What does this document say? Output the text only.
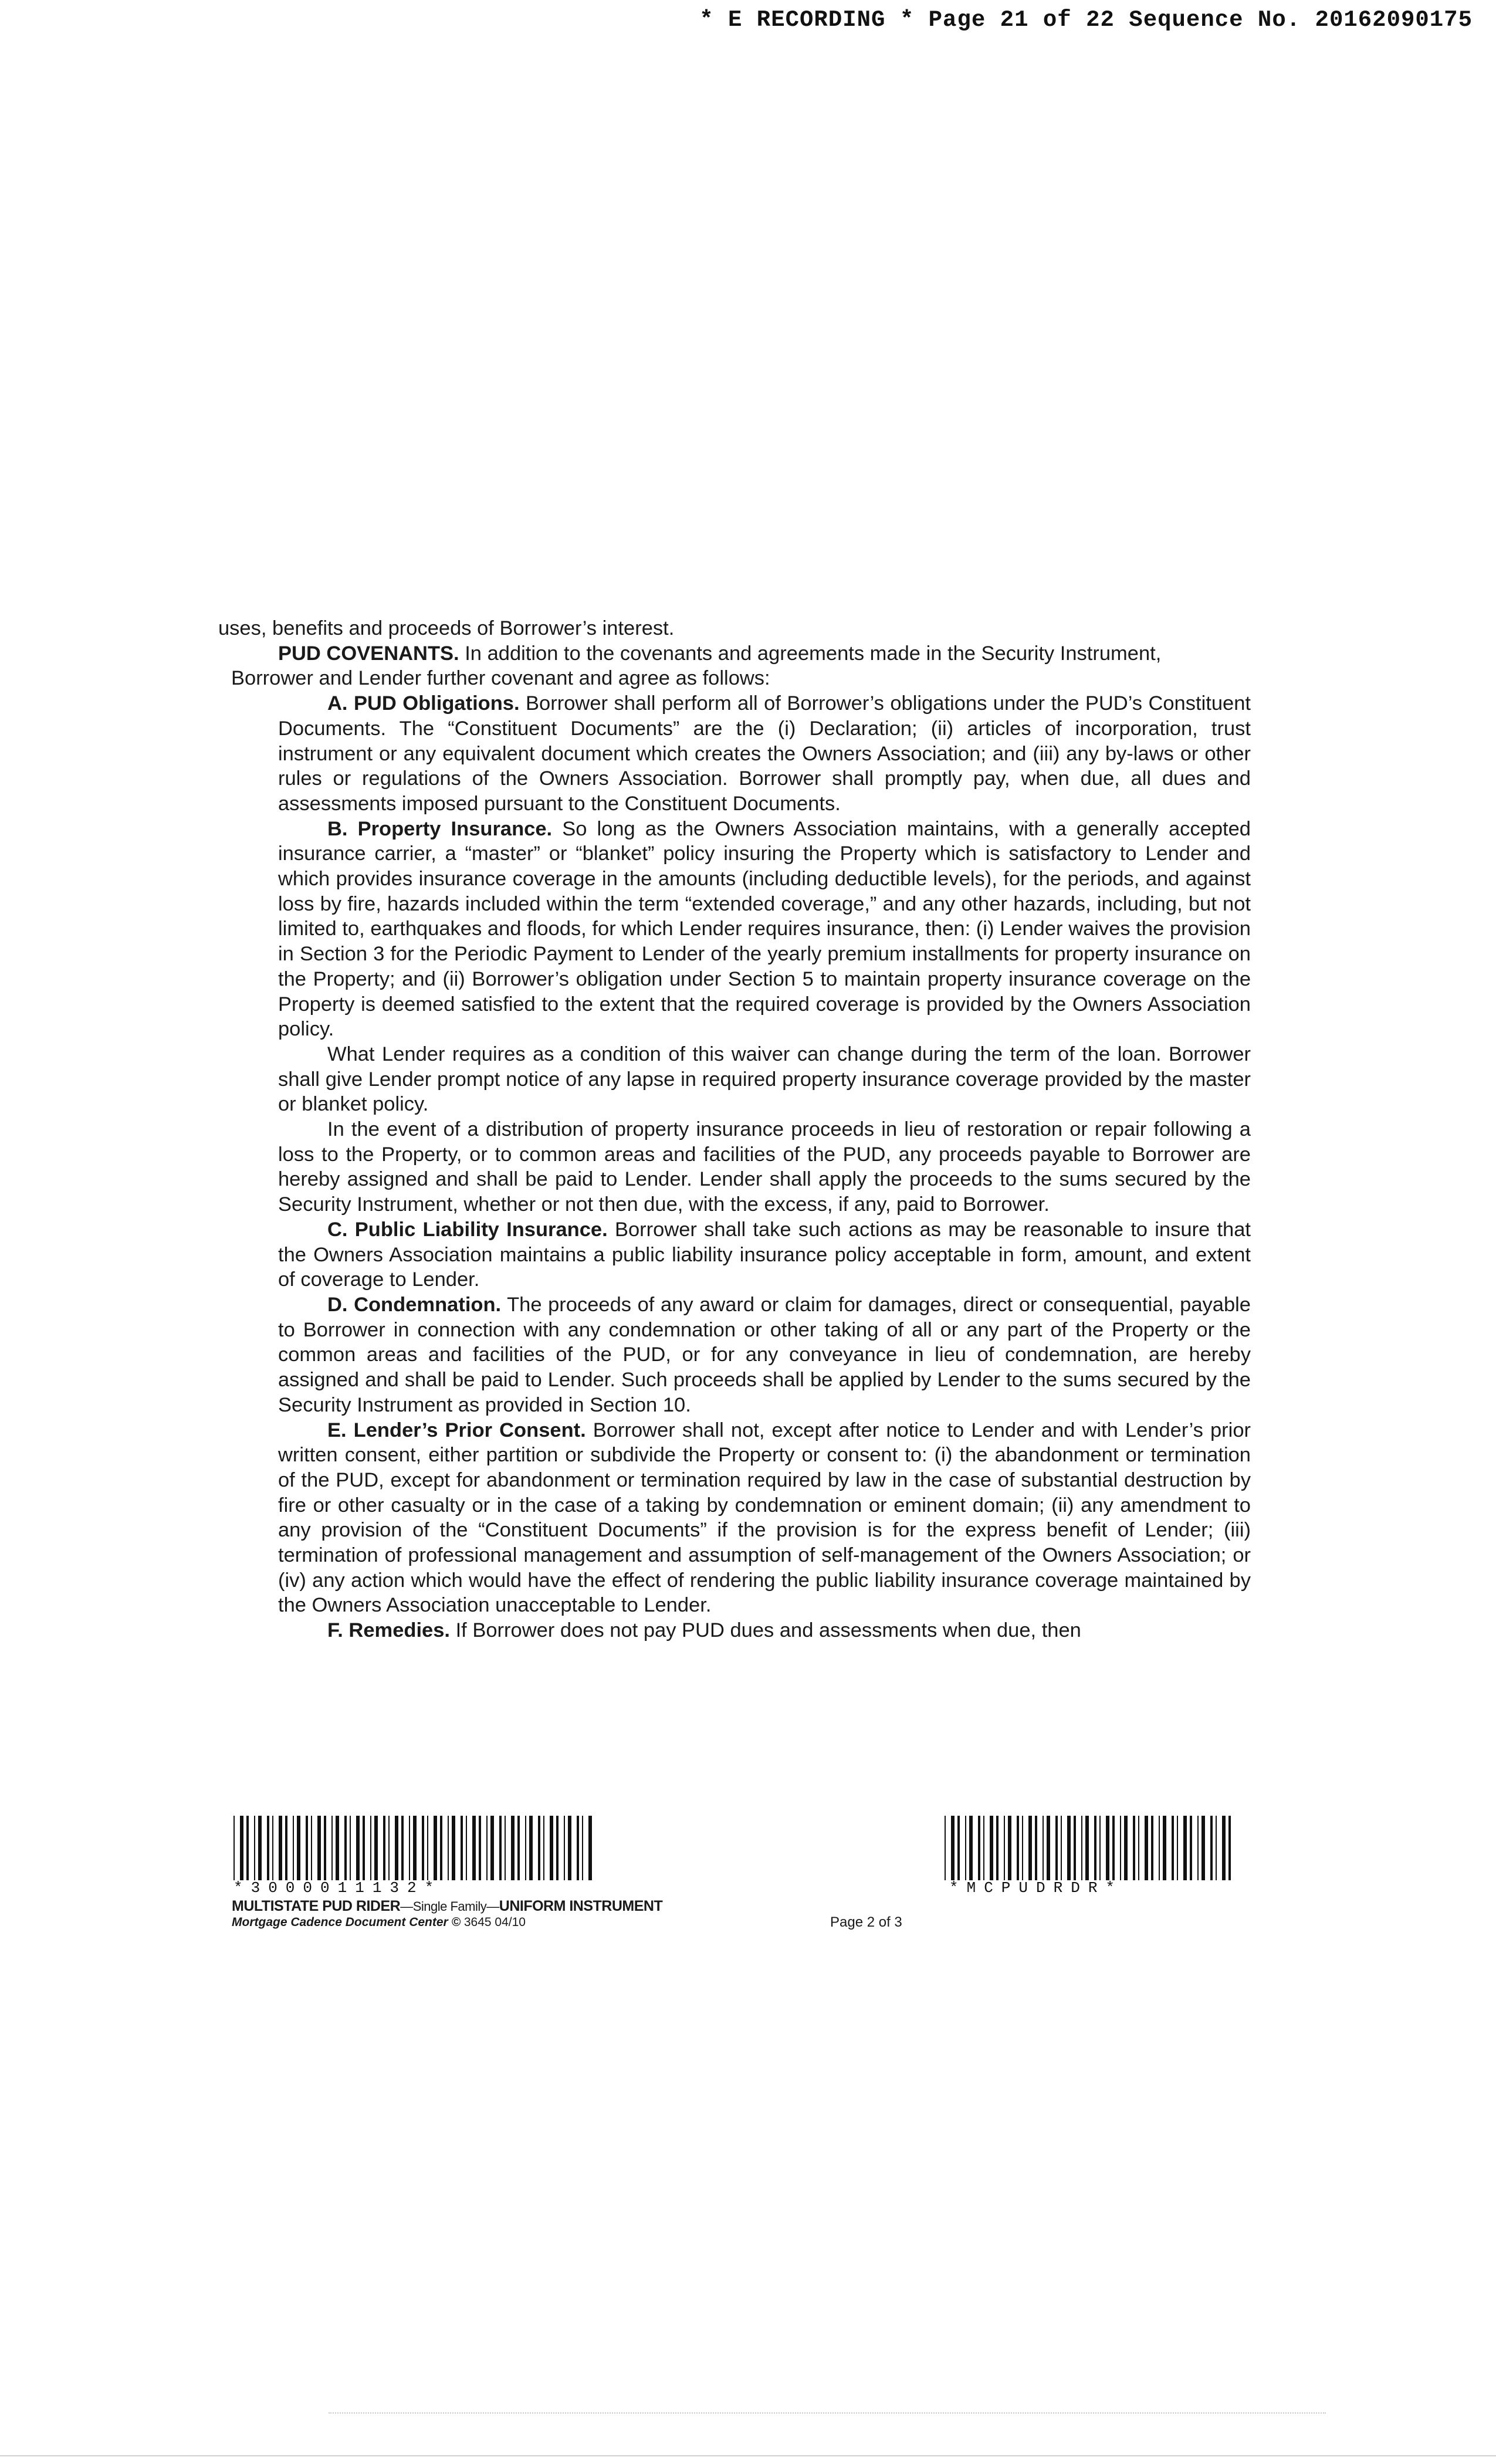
* E RECORDING * Page 21 of 22 Sequence No. 20162090175

uses, benefits and proceeds of Borrower’s interest.

PUD COVENANTS. In addition to the covenants and agreements made in the Security Instrument,

Borrower and Lender further covenant and agree as follows:

A. PUD Obligations. Borrower shall perform all of Borrower’s obligations under the PUD’s Constituent Documents. The “Constituent Documents” are the (i) Declaration; (ii) articles of incorporation, trust instrument or any equivalent document which creates the Owners Association; and (iii) any by-laws or other rules or regulations of the Owners Association. Borrower shall promptly pay, when due, all dues and assessments imposed pursuant to the Constituent Documents.

B. Property Insurance. So long as the Owners Association maintains, with a generally accepted insurance carrier, a “master” or “blanket” policy insuring the Property which is satisfactory to Lender and which provides insurance coverage in the amounts (including deductible levels), for the periods, and against loss by fire, hazards included within the term “extended coverage,” and any other hazards, including, but not limited to, earthquakes and floods, for which Lender requires insurance, then: (i) Lender waives the provision in Section 3 for the Periodic Payment to Lender of the yearly premium installments for property insurance on the Property; and (ii) Borrower’s obligation under Section 5 to maintain property insurance coverage on the Property is deemed satisfied to the extent that the required coverage is provided by the Owners Association policy.

What Lender requires as a condition of this waiver can change during the term of the loan. Borrower shall give Lender prompt notice of any lapse in required property insurance coverage provided by the master or blanket policy.

In the event of a distribution of property insurance proceeds in lieu of restoration or repair following a loss to the Property, or to common areas and facilities of the PUD, any proceeds payable to Borrower are hereby assigned and shall be paid to Lender. Lender shall apply the proceeds to the sums secured by the Security Instrument, whether or not then due, with the excess, if any, paid to Borrower.

C. Public Liability Insurance. Borrower shall take such actions as may be reasonable to insure that the Owners Association maintains a public liability insurance policy acceptable in form, amount, and extent of coverage to Lender.

D. Condemnation. The proceeds of any award or claim for damages, direct or consequential, payable to Borrower in connection with any condemnation or other taking of all or any part of the Property or the common areas and facilities of the PUD, or for any conveyance in lieu of condemnation, are hereby assigned and shall be paid to Lender. Such proceeds shall be applied by Lender to the sums secured by the Security Instrument as provided in Section 10.

E. Lender’s Prior Consent. Borrower shall not, except after notice to Lender and with Lender’s prior written consent, either partition or subdivide the Property or consent to: (i) the abandonment or termination of the PUD, except for abandonment or termination required by law in the case of substantial destruction by fire or other casualty or in the case of a taking by condemnation or eminent domain; (ii) any amendment to any provision of the “Constituent Documents” if the provision is for the express benefit of Lender; (iii) termination of professional management and assumption of self-management of the Owners Association; or (iv) any action which would have the effect of rendering the public liability insurance coverage maintained by the Owners Association unacceptable to Lender.

F. Remedies. If Borrower does not pay PUD dues and assessments when due, then

*3000011132*	*MCPUDRDR*
MULTISTATE PUD RIDER—Single Family—UNIFORM INSTRUMENT
Mortgage Cadence Document Center © 3645 04/10	Page 2 of 3
